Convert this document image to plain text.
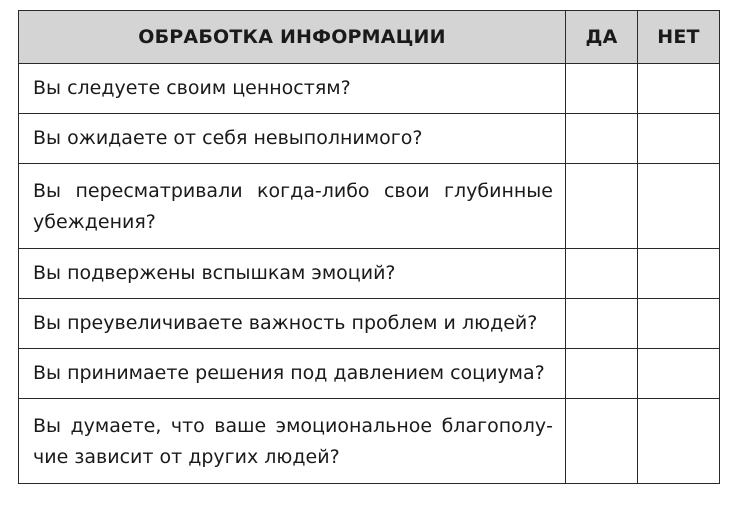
ОБРАБОТКА ИНФОРМАЦИИ	ДА	НЕТ
Вы следуете своим ценностям?		
Вы ожидаете от себя невыполнимого?		
Вы пересматривали когда-либо свои глубинные убеждения?		
Вы подвержены вспышкам эмоций?		
Вы преувеличиваете важность проблем и людей?		
Вы принимаете решения под давлением социума?		
Вы думаете, что ваше эмоциональное благополучие зависит от других людей?		
